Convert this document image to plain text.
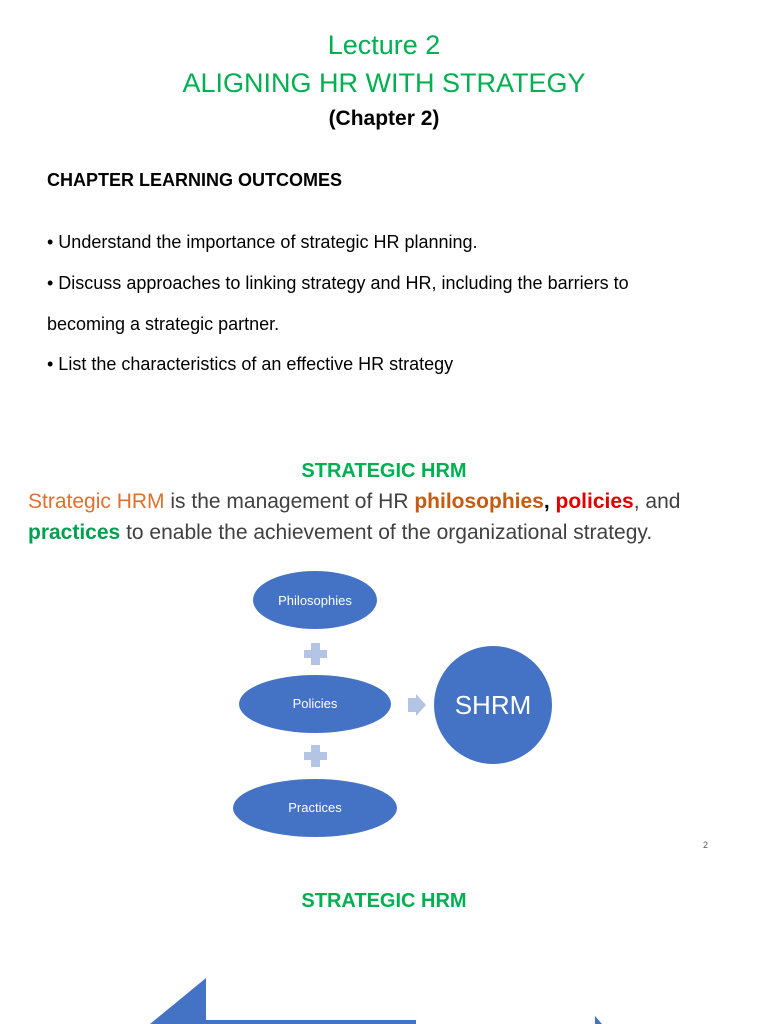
Lecture 2
ALIGNING HR WITH STRATEGY
(Chapter 2)
CHAPTER LEARNING OUTCOMES
• Understand the importance of strategic HR planning.
• Discuss approaches to linking strategy and HR, including the barriers to
becoming a strategic partner.
• List the characteristics of an effective HR strategy
STRATEGIC HRM
Strategic HRM is the management of HR philosophies, policies, and
practices to enable the achievement of the organizational strategy.
Philosophies
Policies
Practices
SHRM
2
STRATEGIC HRM
